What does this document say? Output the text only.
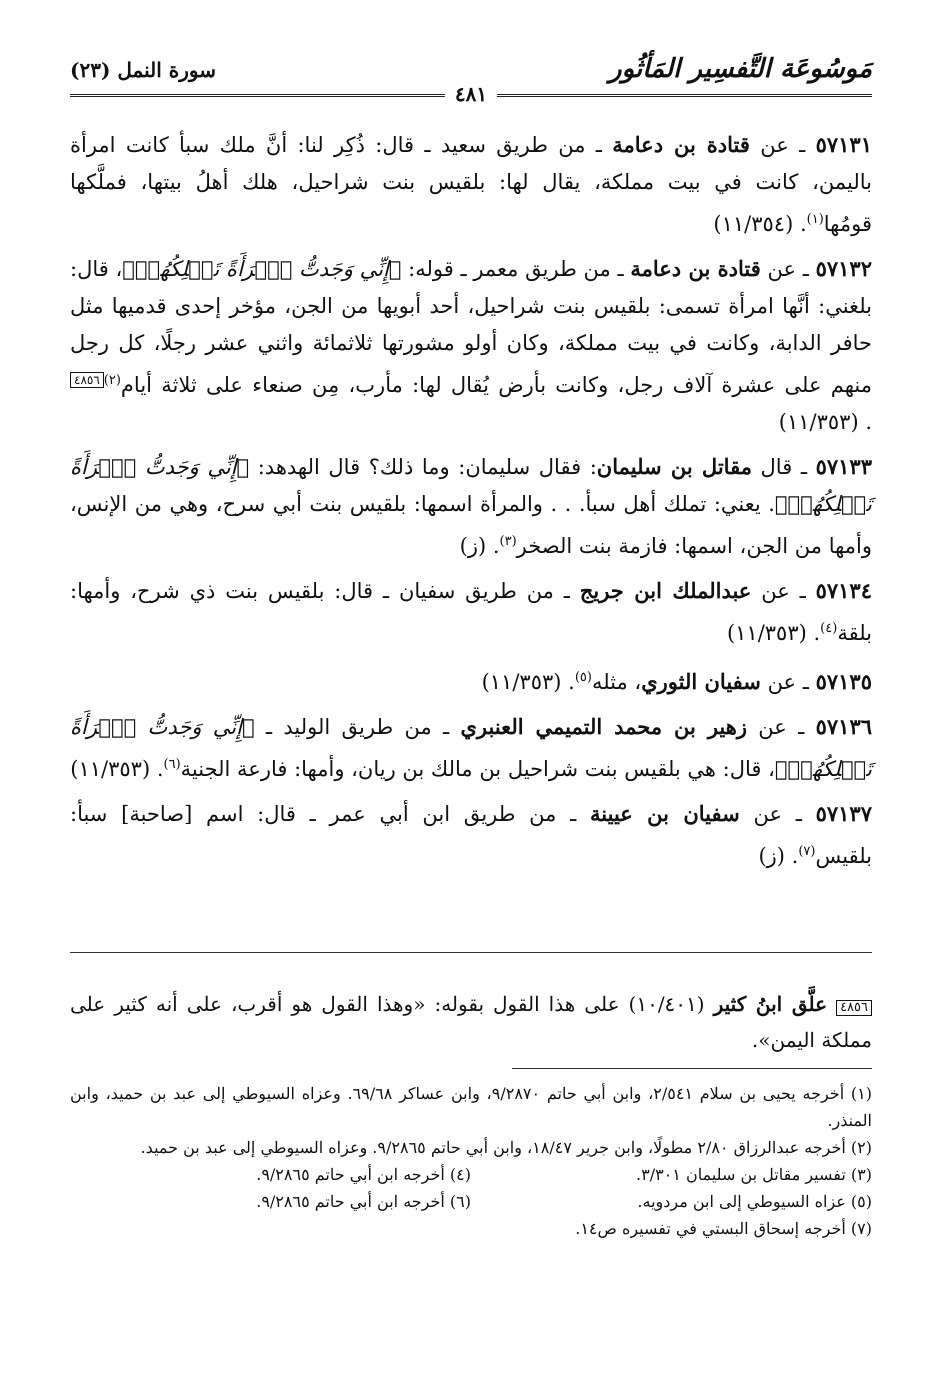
مَوسُوعَة التَّفسِير المَأثُور
٤٨١
سورة النمل (٢٣)

٥٧١٣١ ـ عن قتادة بن دعامة ـ من طريق سعيد ـ قال: ذُكِر لنا: أنَّ ملك سبأ كانت امرأة باليمن، كانت في بيت مملكة، يقال لها: بلقيس بنت شراحيل، هلك أهلُ بيتها، فملَّكها قومُها$^{(١)}$. (١١/٣٥٤)

٥٧١٣٢ ـ عن قتادة بن دعامة ـ من طريق معمر ـ قوله: ﴿إِنِّي وَجَدتُّ ٱمۡرَأَةً تَمۡلِكُهُمۡ﴾، قال: بلغني: أنَّها امرأة تسمى: بلقيس بنت شراحيل، أحد أبويها من الجن، مؤخر إحدى قدميها مثل حافر الدابة، وكانت في بيت مملكة، وكان أولو مشورتها ثلاثمائة واثني عشر رجلًا، كل رجل منهم على عشرة آلاف رجل، وكانت بأرض يُقال لها: مأرب، مِن صنعاء على ثلاثة أيام$^{(٢)}$٤٨٥٦. (١١/٣٥٣)

٥٧١٣٣ ـ قال مقاتل بن سليمان: فقال سليمان: وما ذلك؟ قال الهدهد: ﴿إِنِّي وَجَدتُّ ٱمۡرَأَةً تَمۡلِكُهُمۡ﴾. يعني: تملك أهل سبأ. . . والمرأة اسمها: بلقيس بنت أبي سرح، وهي من الإنس، وأمها من الجن، اسمها: فازمة بنت الصخر$^{(٣)}$. (ز)

٥٧١٣٤ ـ عن عبدالملك ابن جريج ـ من طريق سفيان ـ قال: بلقيس بنت ذي شرح، وأمها: بلقة$^{(٤)}$. (١١/٣٥٣)

٥٧١٣٥ ـ عن سفيان الثوري، مثله$^{(٥)}$. (١١/٣٥٣)

٥٧١٣٦ ـ عن زهير بن محمد التميمي العنبري ـ من طريق الوليد ـ ﴿إِنِّي وَجَدتُّ ٱمۡرَأَةً تَمۡلِكُهُمۡ﴾، قال: هي بلقيس بنت شراحيل بن مالك بن ريان، وأمها: فارعة الجنية$^{(٦)}$. (١١/٣٥٣)

٥٧١٣٧ ـ عن سفيان بن عيينة ـ من طريق ابن أبي عمر ـ قال: اسم [صاحبة] سبأ: بلقيس$^{(٧)}$. (ز)

٤٨٥٦ علَّق ابنُ كثير (١٠/٤٠١) على هذا القول بقوله: «وهذا القول هو أقرب، على أنه كثير على مملكة اليمن».

(١) أخرجه يحيى بن سلام ٢/٥٤١، وابن أبي حاتم ٩/٢٨٧٠، وابن عساكر ٦٩/٦٨. وعزاه السيوطي إلى عبد بن حميد، وابن المنذر.

(٢) أخرجه عبدالرزاق ٢/٨٠ مطولًا، وابن جرير ١٨/٤٧، وابن أبي حاتم ٩/٢٨٦٥. وعزاه السيوطي إلى عبد بن حميد.

(٣) تفسير مقاتل بن سليمان ٣/٣٠١.
(٤) أخرجه ابن أبي حاتم ٩/٢٨٦٥.
(٥) عزاه السيوطي إلى ابن مردويه.
(٦) أخرجه ابن أبي حاتم ٩/٢٨٦٥.

(٧) أخرجه إسحاق البستي في تفسيره ص١٤.
